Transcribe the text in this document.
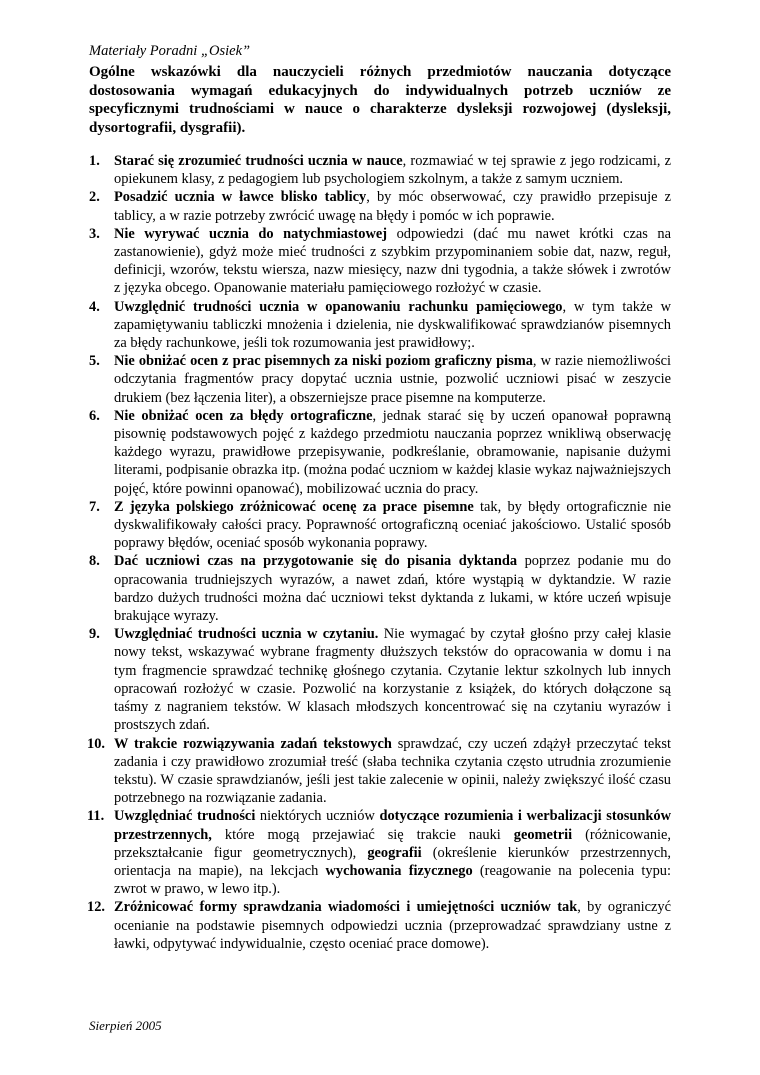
Materiały Poradni „Osiek”

Ogólne wskazówki dla nauczycieli różnych przedmiotów nauczania dotyczące dostosowania wymagań edukacyjnych do indywidualnych potrzeb uczniów ze specyficznymi trudnościami w nauce o charakterze dysleksji rozwojowej (dysleksji, dysortografii, dysgrafii).

1. Starać się zrozumieć trudności ucznia w nauce, rozmawiać w tej sprawie z jego rodzicami, z opiekunem klasy, z pedagogiem lub psychologiem szkolnym, a także z samym uczniem.
2. Posadzić ucznia w ławce blisko tablicy, by móc obserwować, czy prawidło przepisuje z tablicy, a w razie potrzeby zwrócić uwagę na błędy i pomóc w ich poprawie.
3. Nie wyrywać ucznia do natychmiastowej odpowiedzi (dać mu nawet krótki czas na zastanowienie), gdyż może mieć trudności z szybkim przypominaniem sobie dat, nazw, reguł, definicji, wzorów, tekstu wiersza, nazw miesięcy, nazw dni tygodnia, a także słówek i zwrotów z języka obcego. Opanowanie materiału pamięciowego rozłożyć w czasie.
4. Uwzględnić trudności ucznia w opanowaniu rachunku pamięciowego, w tym także w zapamiętywaniu tabliczki mnożenia i dzielenia, nie dyskwalifikować sprawdzianów pisemnych za błędy rachunkowe, jeśli tok rozumowania jest prawidłowy;.
5. Nie obniżać ocen z prac pisemnych za niski poziom graficzny pisma, w razie niemożliwości odczytania fragmentów pracy dopytać ucznia ustnie, pozwolić uczniowi pisać w zeszycie drukiem (bez łączenia liter), a obszerniejsze prace pisemne na komputerze.
6. Nie obniżać ocen za błędy ortograficzne, jednak starać się by uczeń opanował poprawną pisownię podstawowych pojęć z każdego przedmiotu nauczania poprzez wnikliwą obserwację każdego wyrazu, prawidłowe przepisywanie, podkreślanie, obramowanie, napisanie dużymi literami, podpisanie obrazka itp. (można podać uczniom w każdej klasie wykaz najważniejszych pojęć, które powinni opanować), mobilizować ucznia do pracy.
7. Z języka polskiego zróżnicować ocenę za prace pisemne tak, by błędy ortograficznie nie dyskwalifikowały całości pracy. Poprawność ortograficzną oceniać jakościowo. Ustalić sposób poprawy błędów, oceniać sposób wykonania poprawy.
8. Dać uczniowi czas na przygotowanie się do pisania dyktanda poprzez podanie mu do opracowania trudniejszych wyrazów, a nawet zdań, które wystąpią w dyktandzie. W razie bardzo dużych trudności można dać uczniowi tekst dyktanda z lukami, w które uczeń wpisuje brakujące wyrazy.
9. Uwzględniać trudności ucznia w czytaniu. Nie wymagać by czytał głośno przy całej klasie nowy tekst, wskazywać wybrane fragmenty dłuższych tekstów do opracowania w domu i na tym fragmencie sprawdzać technikę głośnego czytania. Czytanie lektur szkolnych lub innych opracowań rozłożyć w czasie. Pozwolić na korzystanie z książek, do których dołączone są taśmy z nagraniem tekstów. W klasach młodszych koncentrować się na czytaniu wyrazów i prostszych zdań.
10. W trakcie rozwiązywania zadań tekstowych sprawdzać, czy uczeń zdążył przeczytać tekst zadania i czy prawidłowo zrozumiał treść (słaba technika czytania często utrudnia zrozumienie tekstu). W czasie sprawdzianów, jeśli jest takie zalecenie w opinii, należy zwiększyć ilość czasu potrzebnego na rozwiązanie zadania.
11. Uwzględniać trudności niektórych uczniów dotyczące rozumienia i werbalizacji stosunków przestrzennych, które mogą przejawiać się trakcie nauki geometrii (różnicowanie, przekształcanie figur geometrycznych), geografii (określenie kierunków przestrzennych, orientacja na mapie), na lekcjach wychowania fizycznego (reagowanie na polecenia typu: zwrot w prawo, w lewo itp.).
12. Zróżnicować formy sprawdzania wiadomości i umiejętności uczniów tak, by ograniczyć ocenianie na podstawie pisemnych odpowiedzi ucznia (przeprowadzać sprawdziany ustne z ławki, odpytywać indywidualnie, często oceniać prace domowe).
Sierpień 2005
